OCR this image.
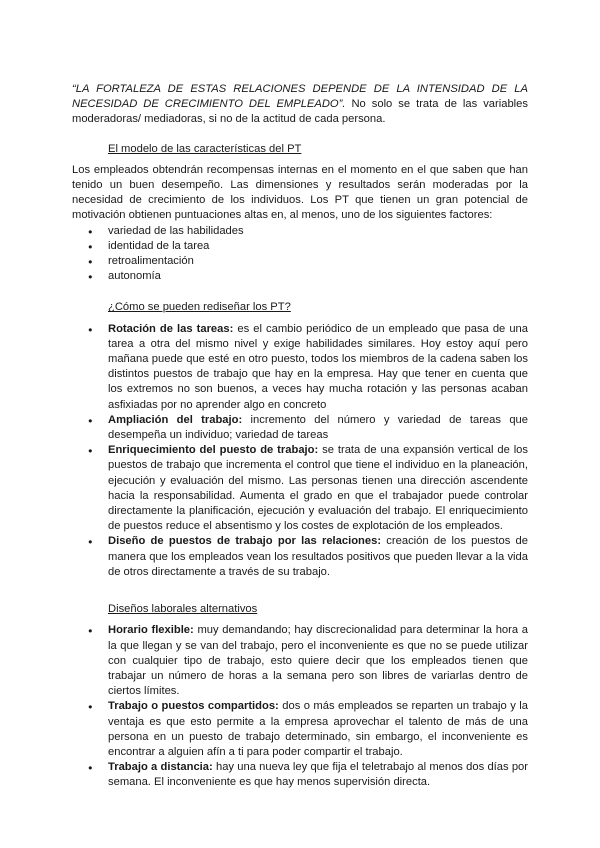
“LA FORTALEZA DE ESTAS RELACIONES DEPENDE DE LA INTENSIDAD DE LA NECESIDAD DE CRECIMIENTO DEL EMPLEADO”. No solo se trata de las variables moderadoras/ mediadoras, si no de la actitud de cada persona.

El modelo de las características del PT

Los empleados obtendrán recompensas internas en el momento en el que saben que han tenido un buen desempeño. Las dimensiones y resultados serán moderadas por la necesidad de crecimiento de los individuos. Los PT que tienen un gran potencial de motivación obtienen puntuaciones altas en, al menos, uno de los siguientes factores:

● variedad de las habilidades
● identidad de la tarea
● retroalimentación
● autonomía

¿Cómo se pueden rediseñar los PT?

● Rotación de las tareas: es el cambio periódico de un empleado que pasa de una tarea a otra del mismo nivel y exige habilidades similares. Hoy estoy aquí pero mañana puede que esté en otro puesto, todos los miembros de la cadena saben los distintos puestos de trabajo que hay en la empresa. Hay que tener en cuenta que los extremos no son buenos, a veces hay mucha rotación y las personas acaban asfixiadas por no aprender algo en concreto
● Ampliación del trabajo: incremento del número y variedad de tareas que desempeña un individuo; variedad de tareas
● Enriquecimiento del puesto de trabajo: se trata de una expansión vertical de los puestos de trabajo que incrementa el control que tiene el individuo en la planeación, ejecución y evaluación del mismo. Las personas tienen una dirección ascendente hacia la responsabilidad. Aumenta el grado en que el trabajador puede controlar directamente la planificación, ejecución y evaluación del trabajo. El enriquecimiento de puestos reduce el absentismo y los costes de explotación de los empleados.
● Diseño de puestos de trabajo por las relaciones: creación de los puestos de manera que los empleados vean los resultados positivos que pueden llevar a la vida de otros directamente a través de su trabajo.

Diseños laborales alternativos

● Horario flexible: muy demandando; hay discrecionalidad para determinar la hora a la que llegan y se van del trabajo, pero el inconveniente es que no se puede utilizar con cualquier tipo de trabajo, esto quiere decir que los empleados tienen que trabajar un número de horas a la semana pero son libres de variarlas dentro de ciertos límites.
● Trabajo o puestos compartidos: dos o más empleados se reparten un trabajo y la ventaja es que esto permite a la empresa aprovechar el talento de más de una persona en un puesto de trabajo determinado, sin embargo, el inconveniente es encontrar a alguien afín a ti para poder compartir el trabajo.
● Trabajo a distancia: hay una nueva ley que fija el teletrabajo al menos dos días por semana. El inconveniente es que hay menos supervisión directa.
